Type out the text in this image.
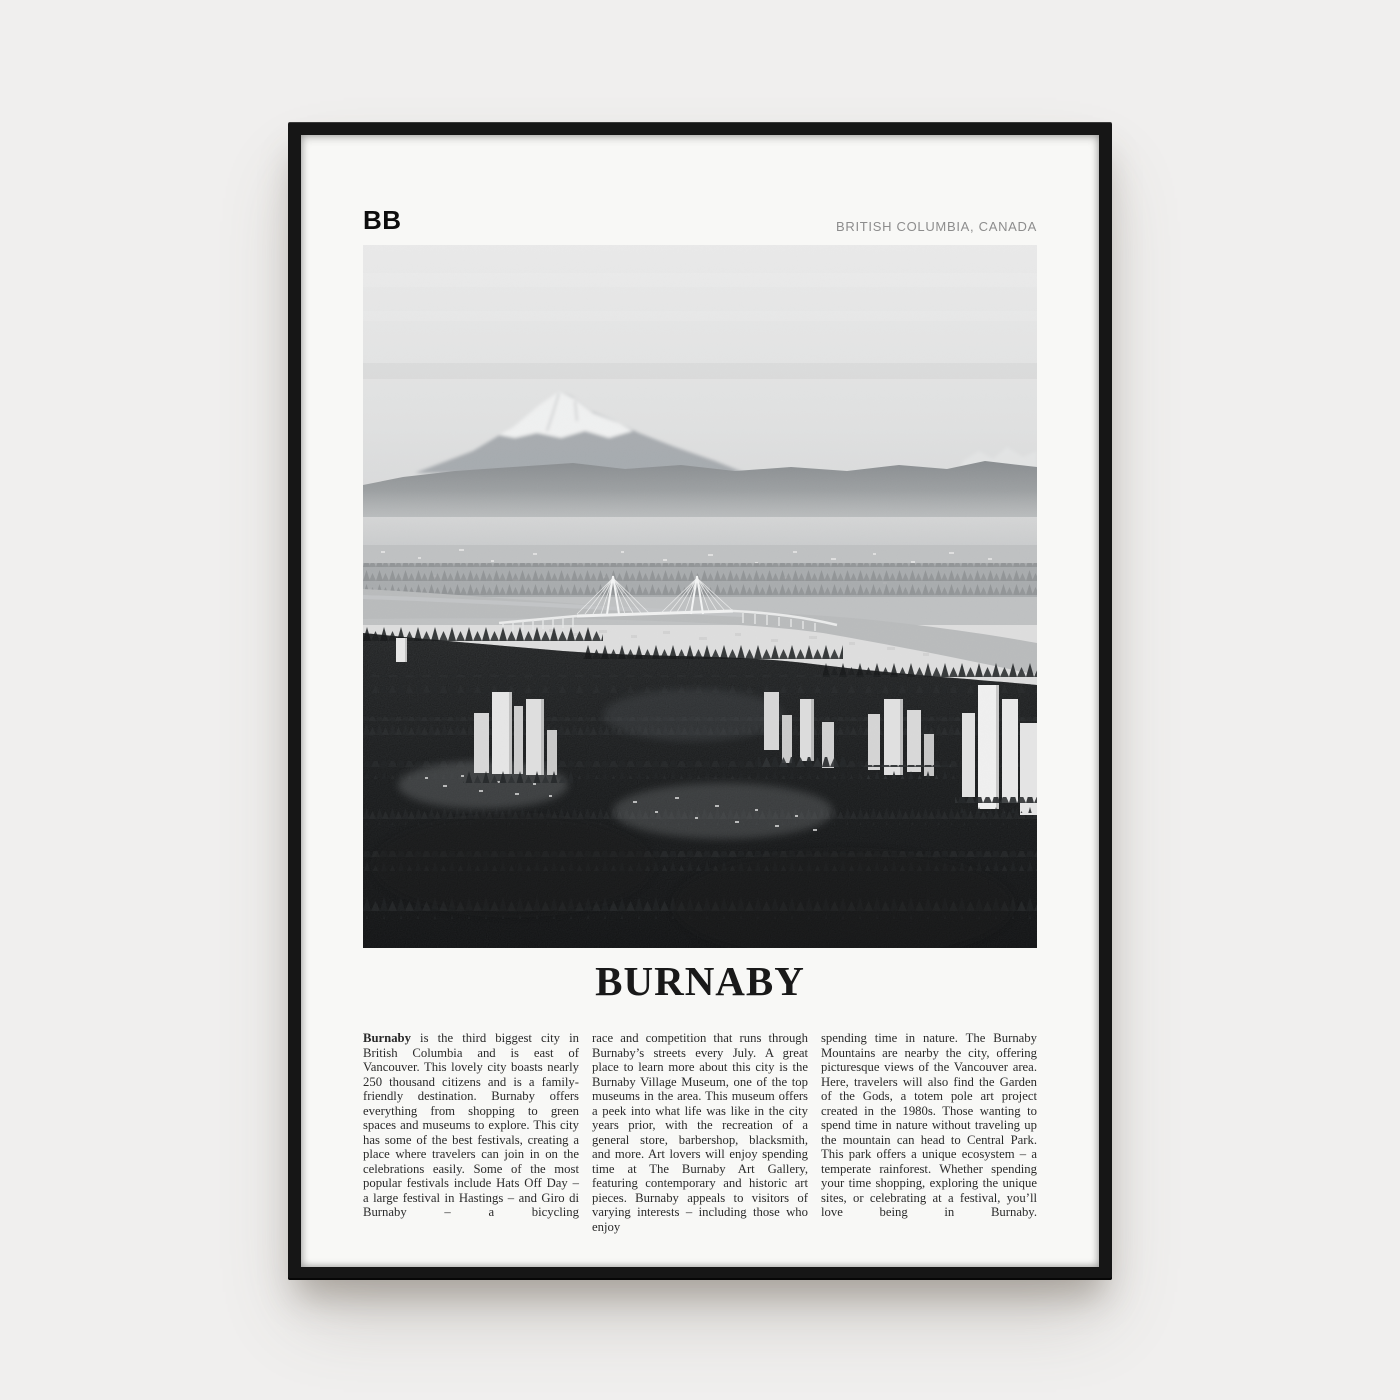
BB	BRITISH COLUMBIA, CANADA
BURNABY

Burnaby is the third biggest city in British Columbia and is east of Vancouver. This lovely city boasts nearly 250 thousand citizens and is a family-friendly destination. Burnaby offers everything from shopping to green spaces and museums to explore. This city has some of the best festivals, creating a place where travelers can join in on the celebrations easily. Some of the most popular festivals include Hats Off Day – a large festival in Hastings – and Giro di Burnaby – a bicycling

race and competition that runs through Burnaby’s streets every July. A great place to learn more about this city is the Burnaby Village Museum, one of the top museums in the area. This museum offers a peek into what life was like in the city years prior, with the recreation of a general store, barbershop, blacksmith, and more. Art lovers will enjoy spending time at The Burnaby Art Gallery, featuring contemporary and historic art pieces. Burnaby appeals to visitors of varying interests – including those who enjoy

spending time in nature. The Burnaby Mountains are nearby the city, offering picturesque views of the Vancouver area. Here, travelers will also find the Garden of the Gods, a totem pole art project created in the 1980s. Those wanting to spend time in nature without traveling up the mountain can head to Central Park. This park offers a unique ecosystem – a temperate rainforest. Whether spending your time shopping, exploring the unique sites, or celebrating at a festival, you’ll love being in Burnaby.
